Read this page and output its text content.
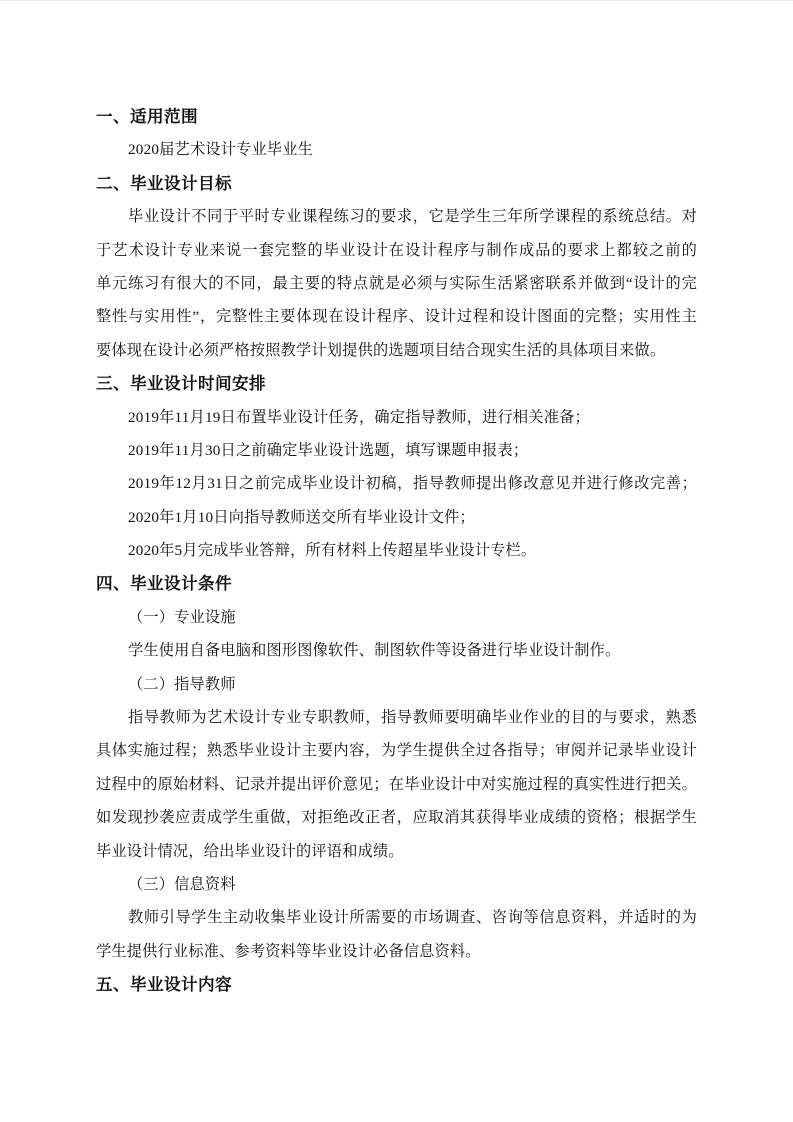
一、适用范围
2020届艺术设计专业毕业生
二、毕业设计目标
毕业设计不同于平时专业课程练习的要求，它是学生三年所学课程的系统总结。对
于艺术设计专业来说一套完整的毕业设计在设计程序与制作成品的要求上都较之前的
单元练习有很大的不同，最主要的特点就是必须与实际生活紧密联系并做到“设计的完
整性与实用性”，完整性主要体现在设计程序、设计过程和设计图面的完整；实用性主
要体现在设计必须严格按照教学计划提供的选题项目结合现实生活的具体项目来做。
三、毕业设计时间安排
2019年11月19日布置毕业设计任务，确定指导教师，进行相关准备；
2019年11月30日之前确定毕业设计选题，填写课题申报表；
2019年12月31日之前完成毕业设计初稿，指导教师提出修改意见并进行修改完善；
2020年1月10日向指导教师送交所有毕业设计文件；
2020年5月完成毕业答辩，所有材料上传超星毕业设计专栏。
四、毕业设计条件
（一）专业设施
学生使用自备电脑和图形图像软件、制图软件等设备进行毕业设计制作。
（二）指导教师
指导教师为艺术设计专业专职教师，指导教师要明确毕业作业的目的与要求，熟悉
具体实施过程；熟悉毕业设计主要内容，为学生提供全过各指导；审阅并记录毕业设计
过程中的原始材料、记录并提出评价意见；在毕业设计中对实施过程的真实性进行把关。
如发现抄袭应责成学生重做，对拒绝改正者，应取消其获得毕业成绩的资格；根据学生
毕业设计情况，给出毕业设计的评语和成绩。
（三）信息资料
教师引导学生主动收集毕业设计所需要的市场调查、咨询等信息资料，并适时的为
学生提供行业标准、参考资料等毕业设计必备信息资料。
五、毕业设计内容
